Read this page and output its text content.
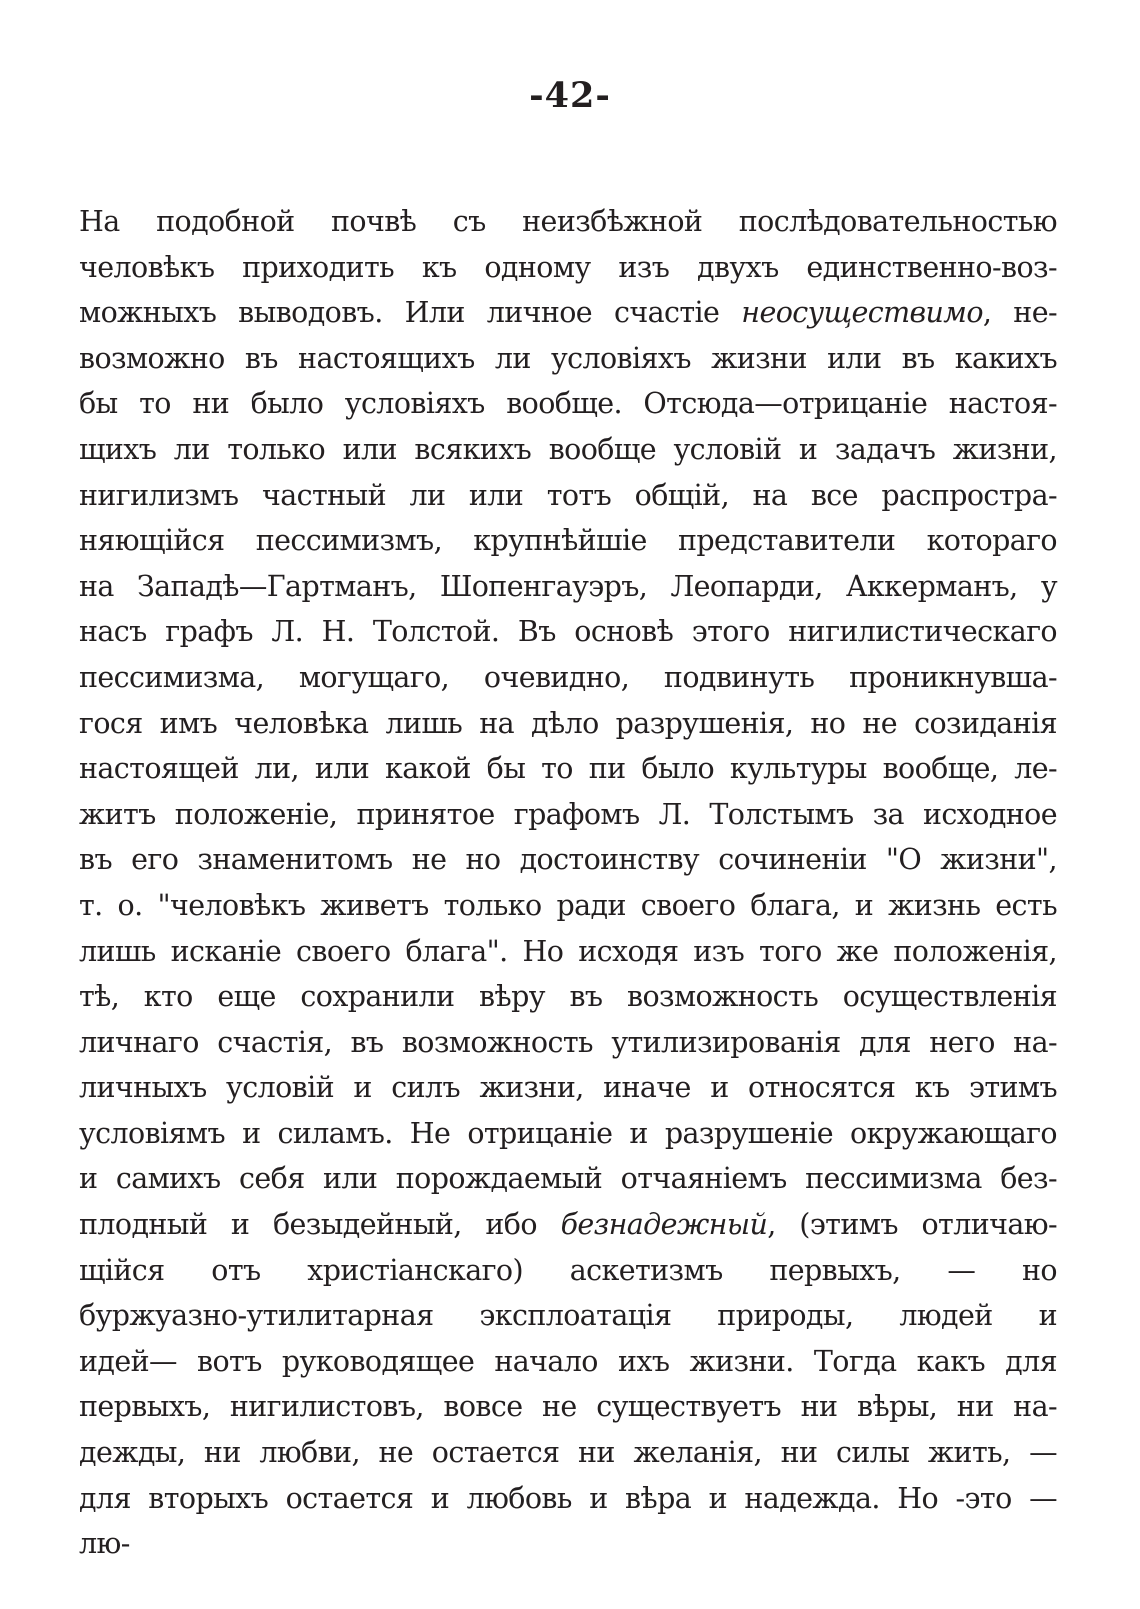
-42-
На подобной почвѣ съ неизбѣжной послѣдовательностью
человѣкъ приходить къ одному изъ двухъ единственно-воз-
можныхъ выводовъ. Или личное счастіе неосуществимо, не-
возможно въ настоящихъ ли условіяхъ жизни или въ какихъ
бы то ни было условіяхъ вообще. Отсюда—отрицаніе настоя-
щихъ ли только или всякихъ вообще условій и задачъ жизни,
нигилизмъ частный ли или тотъ общій, на все распростра-
няющійся пессимизмъ, крупнѣйшіе представители котораго
на Западѣ—Гартманъ, Шопенгауэръ, Леопарди, Аккерманъ, у
насъ графъ Л. Н. Толстой. Въ основѣ этого нигилистическаго
пессимизма, могущаго, очевидно, подвинуть проникнувша-
гося имъ человѣка лишь на дѣло разрушенія, но не созиданія
настоящей ли, или какой бы то пи было культуры вообще, ле-
житъ положеніе, принятое графомъ Л. Толстымъ за исходное
въ его знаменитомъ не но достоинству сочиненіи "О жизни",
т. о. "человѣкъ живетъ только ради своего блага, и жизнь есть
лишь исканіе своего блага". Но исходя изъ того же положенія,
тѣ, кто еще сохранили вѣру въ возможность осуществленія
личнаго счастія, въ возможность утилизированія для него на-
личныхъ условій и силъ жизни, иначе и относятся къ этимъ
условіямъ и силамъ. Не отрицаніе и разрушеніе окружающаго
и самихъ себя или порождаемый отчаяніемъ пессимизма без-
плодный и безыдейный, ибо безнадежный, (этимъ отличаю-
щійся отъ христіанскаго) аскетизмъ первыхъ, — но
буржуазно-утилитарная эксплоатація природы, людей и
идей— вотъ руководящее начало ихъ жизни. Тогда какъ для
первыхъ, нигилистовъ, вовсе не существуетъ ни вѣры, ни на-
дежды, ни любви, не остается ни желанія, ни силы жить, —
для вторыхъ остается и любовь и вѣра и надежда. Но -это —
лю-
